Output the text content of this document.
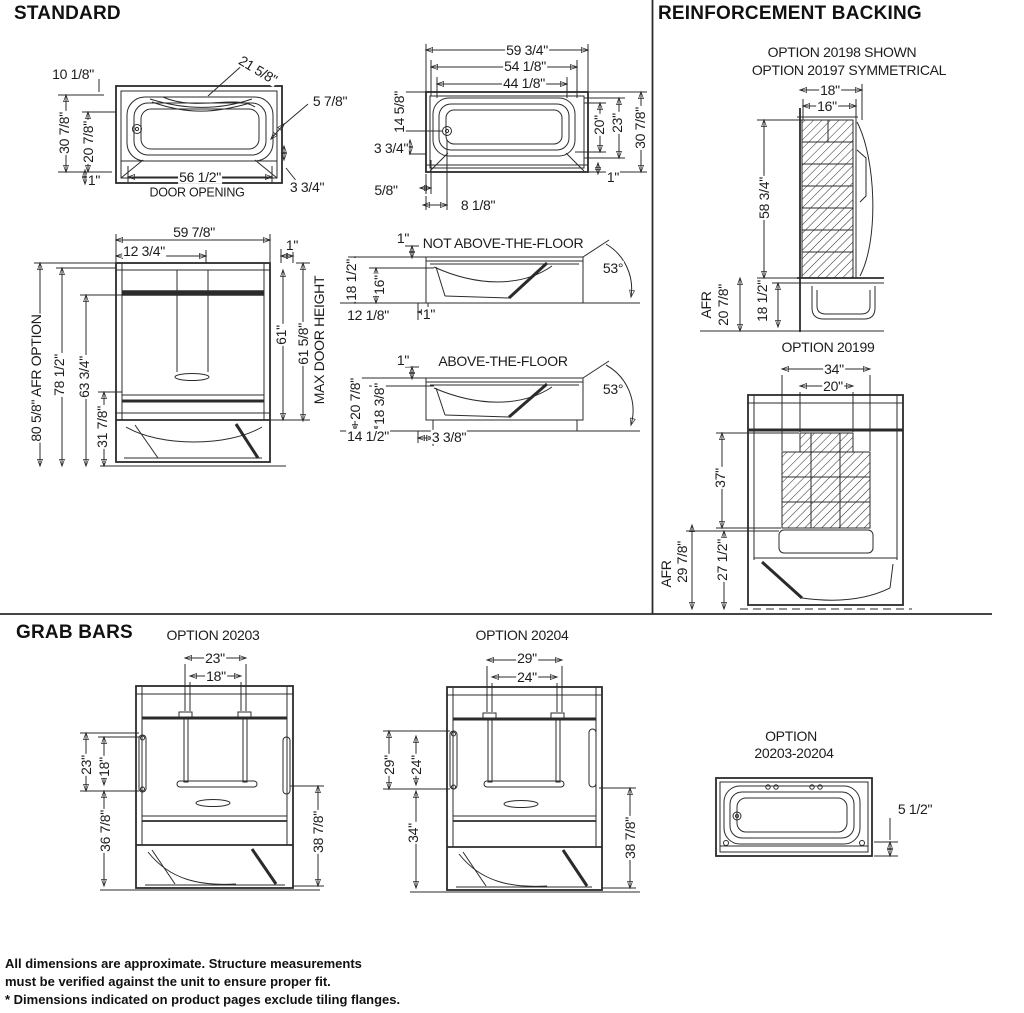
STANDARD	REINFORCEMENT BACKING
GRAB BARS
10 1/8"	21 5/8"
5 7/8"
30 7/8" 20 7/8"
1"	56 1/2"
DOOR OPENING	3 3/4"
59 3/4"
54 1/8"
44 1/8"
14 5/8"
3 3/4"
5/8"
8 1/8"
20" 23" 30 7/8"
1"
59 7/8"
12 3/4"	1"
80 5/8" AFR OPTION 78 1/2" 63 3/4"
31 7/8"
61" 61 5/8" MAX DOOR HEIGHT
1" NOT ABOVE-THE-FLOOR
53°
18 1/2" 16"
12 1/8" 1"
1" ABOVE-THE-FLOOR
53°
20 7/8" 18 3/8"
14 1/2"	3 3/8"
OPTION 20198 SHOWN
OPTION 20197 SYMMETRICAL
18"
16"
58 3/4"
AFR 20 7/8" 18 1/2"
OPTION 20199
34"
20"
37"
AFR 29 7/8" 27 1/2"
OPTION 20203
23"
18"
23" 18"
36 7/8"	38 7/8"
OPTION 20204
29"
24"
29" 24"
34"	38 7/8"
OPTION
20203-20204
5 1/2"
All dimensions are approximate. Structure measurements
must be verified against the unit to ensure proper fit.
* Dimensions indicated on product pages exclude tiling flanges.
